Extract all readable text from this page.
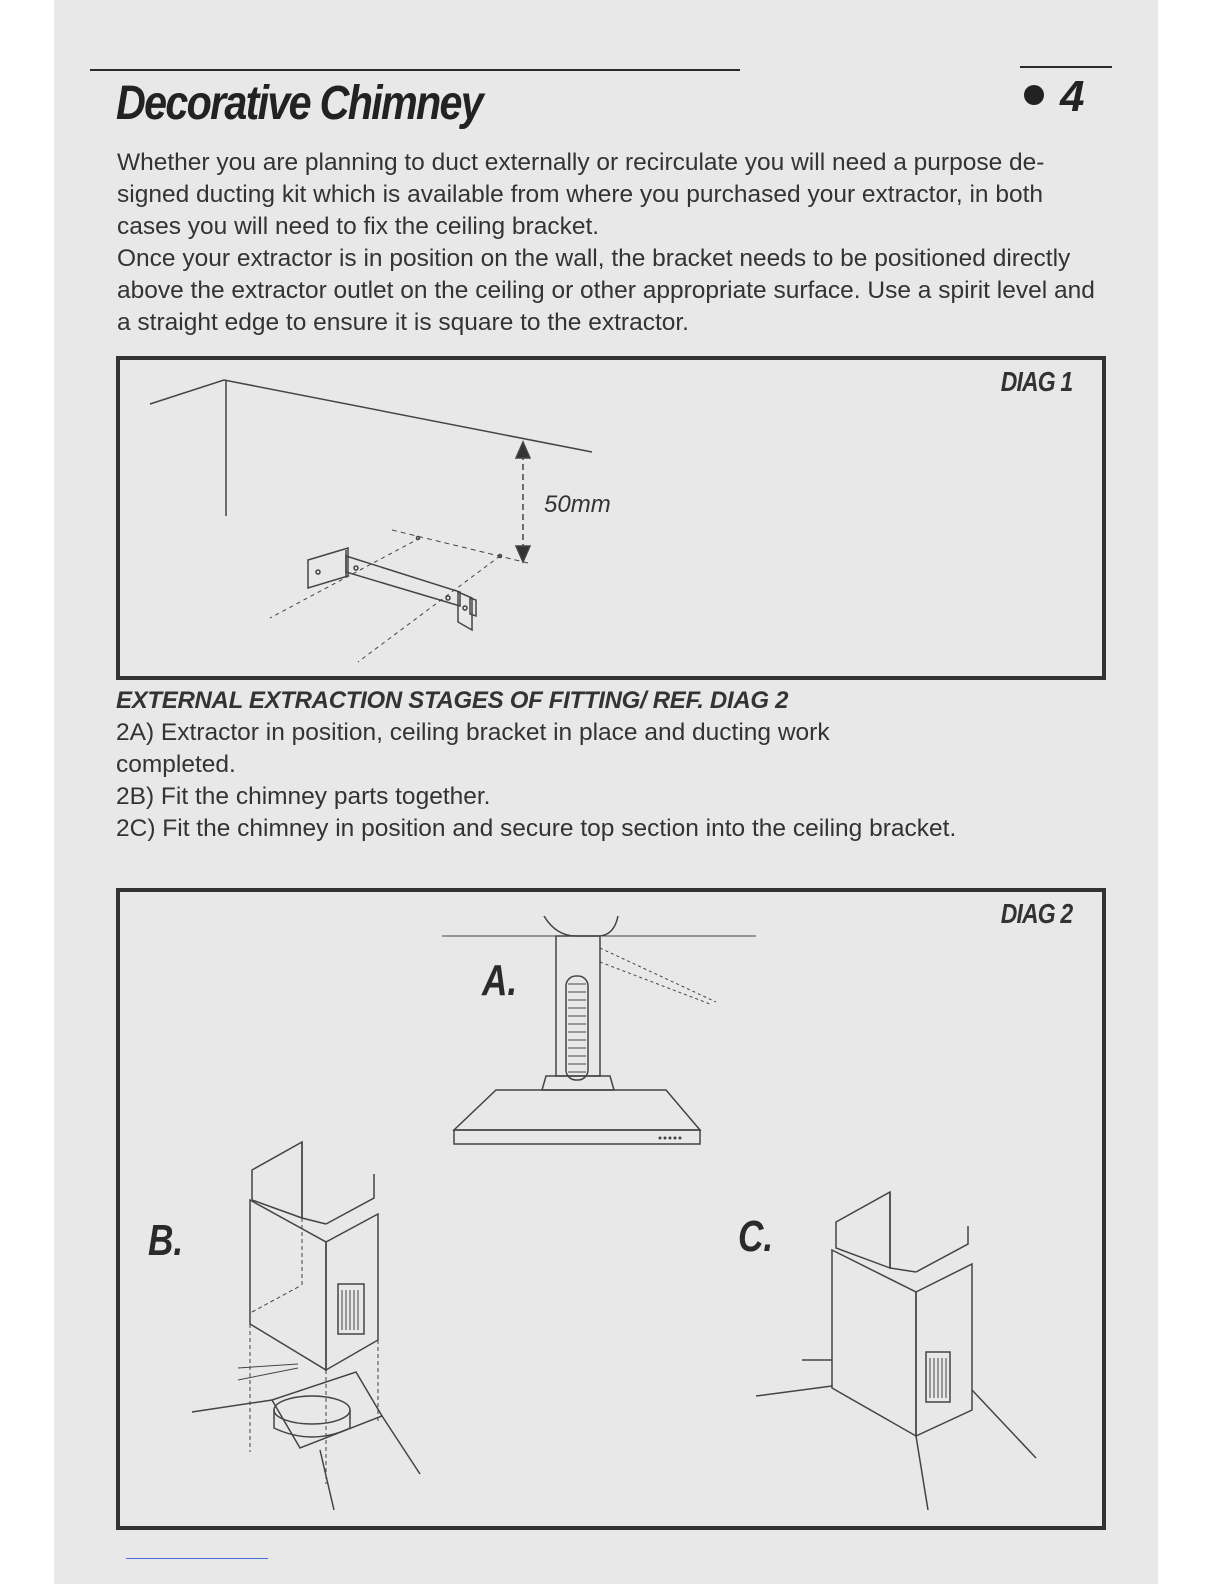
Decorative Chimney	4

Whether you are planning to duct externally or recirculate you will need a purpose de-signed ducting kit which is available from where you purchased your extractor, in both cases you will need to fix the ceiling bracket.

Once your extractor is in position on the wall, the bracket needs to be positioned directly above the extractor outlet on the ceiling or other appropriate surface. Use a spirit level and a straight edge to ensure it is square to the extractor.

DIAG 1
50mm
EXTERNAL EXTRACTION STAGES OF FITTING/ REF. DIAG 2

2A) Extractor in position, ceiling bracket in place and ducting work completed.

2B) Fit the chimney parts together.

2C) Fit the chimney in position and secure top section into the ceiling bracket.

DIAG 2
A.
B.	C.
